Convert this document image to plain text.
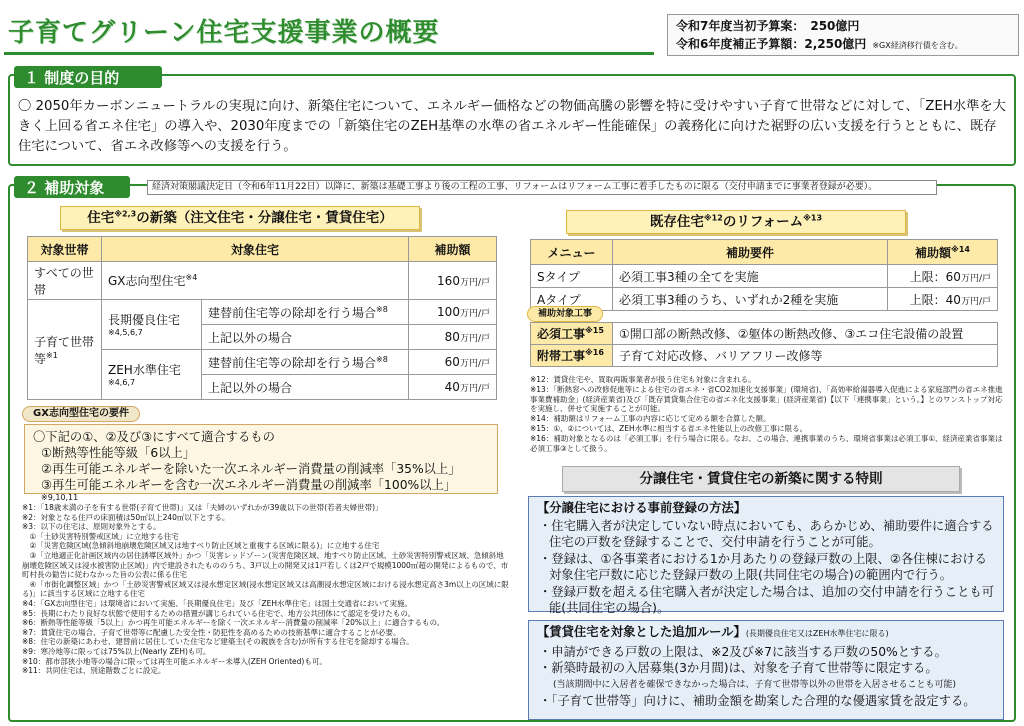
子育てグリーン住宅支援事業の概要	令和7年度当初予算案：　250億円
令和6年度補正予算額：2,250億円 ※GX経済移行債を含む。
１ 制度の目的
〇 2050年カーボンニュートラルの実現に向け、新築住宅について、エネルギー価格などの物価高騰の影響を特に受けやすい子育て世帯などに対して、「ZEH水準を大きく上回る省エネ住宅」の導入や、2030年度までの「新築住宅のZEH基準の水準の省エネルギー性能確保」の義務化に向けた裾野の広い支援を行うとともに、既存住宅について、省エネ改修等への支援を行う。
２ 補助対象	経済対策閣議決定日（令和6年11月22日）以降に、新築は基礎工事より後の工程の工事、リフォームはリフォーム工事に着手したものに限る（交付申請までに事業者登録が必要）。
住宅$^{※2,3}$の新築（注文住宅・分譲住宅・賃貸住宅）
対象世帯	対象住宅		補助額
すべての世帯	GX志向型住宅$^{※4}$		160万円/戸
子育て世帯等$^{※1}$	長期優良住宅
※4,5,6,7	建替前住宅等の除却を行う場合$^{※8}$	100万円/戸
		上記以外の場合	80万円/戸

	ZEH水準住宅
※4,6,7	建替前住宅等の除却を行う場合$^{※8}$	60万円/戸
		上記以外の場合	40万円/戸
GX志向型住宅の要件
〇下記の①、②及び③にすべて適合するもの
①断熱等性能等級「6以上」
②再生可能エネルギーを除いた一次エネルギー消費量の削減率「35%以上」
③再生可能エネルギーを含む一次エネルギー消費量の削減率「100%以上」$^{※9,10,11}$
※1：「18歳未満の子を有する世帯(子育て世帯)」又は「夫婦のいずれかが39歳以下の世帯(若者夫婦世帯)」
※2：対象となる住戸の床面積は50㎡以上240㎡以下とする。
※3：以下の住宅は、原則対象外とする。
　①「土砂災害特別警戒区域」に立地する住宅
　②「災害危険区域(急傾斜地崩壊危険区域又は地すべり防止区域と重複する区域に限る)」に立地する住宅
　③「立地適正化計画区域内の居住誘導区域外」かつ「災害レッドゾーン(災害危険区域、地すべり防止区域、土砂災害特別警戒区域、急傾斜地崩壊危険区域又は浸水被害防止区域)」内で建設されたもののうち、3戸以上の開発又は1戸若しくは2戸で規模1000㎡超の開発によるもので、市町村長の勧告に従わなかった旨の公表に係る住宅
　④「市街化調整区域」かつ「土砂災害警戒区域又は浸水想定区域(浸水想定区域又は高潮浸水想定区域における浸水想定高さ3m以上の区域に限る)」に該当する区域に立地する住宅
※4：「GX志向型住宅」は環境省において実施、「長期優良住宅」及び「ZEH水準住宅」は国土交通省において実施。
※5：長期にわたり良好な状態で使用するための措置が講じられている住宅で、地方公共団体にて認定を受けたもの。
※6：断熱等性能等級「5以上」かつ再生可能エネルギーを除く一次エネルギー消費量の削減率「20%以上」に適合するもの。
※7：賃貸住宅の場合、子育て世帯等に配慮した安全性・防犯性を高めるための技術基準に適合することが必要。
※8：住宅の新築にあわせ、建替前に居住していた住宅など建築主(その親族を含む)が所有する住宅を除却する場合。
※9：寒冷地等に限っては75%以上(Nearly ZEH)も可。
※10：都市部狭小地等の場合に限っては再生可能エネルギー未導入(ZEH Oriented)も可。
※11：共同住宅は、別途階数ごとに設定。
既存住宅$^{※12}$のリフォーム$^{※13}$
メニュー	補助要件	補助額$^{※14}$
Sタイプ	必須工事3種の全てを実施	上限：60万円/戸
Aタイプ	必須工事3種のうち、いずれか2種を実施	上限：40万円/戸
補助対象工事
必須工事$^{※15}$	①開口部の断熱改修、②躯体の断熱改修、③エコ住宅設備の設置
附帯工事$^{※16}$	子育て対応改修、バリアフリー改修等
※12：賃貸住宅や、買取再販事業者が扱う住宅も対象に含まれる。
※13：「断熱窓への改修促進等による住宅の省エネ・省CO2加速化支援事業」(環境省)、「高効率給湯器導入促進による家庭部門の省エネ推進事業費補助金」(経済産業省)及び「既存賃貸集合住宅の省エネ化支援事業」(経済産業省)【以下「連携事業」という。】とのワンストップ対応を実施し、併せて実施することが可能。
※14：補助額はリフォーム工事の内容に応じて定める額を合算した額。
※15：①、②については、ZEH水準に相当する省エネ性能以上の改修工事に限る。
※16：補助対象となるのは「必須工事」を行う場合に限る。なお、この場合、連携事業のうち、環境省事業は必須工事①、経済産業省事業は必須工事③として扱う。
分譲住宅・賃貸住宅の新築に関する特則
【分譲住宅における事前登録の方法】
・住宅購入者が決定していない時点においても、あらかじめ、補助要件に適合する住宅の戸数を登録することで、交付申請を行うことが可能。
・登録は、①各事業者における1か月あたりの登録戸数の上限、②各住棟における対象住宅戸数に応じた登録戸数の上限(共同住宅の場合)の範囲内で行う。
・登録戸数を超える住宅購入者が決定した場合は、追加の交付申請を行うことも可能(共同住宅の場合)。
【賃貸住宅を対象とした追加ルール】(長期優良住宅又はZEH水準住宅に限る)
・申請ができる戸数の上限は、※2及び※7に該当する戸数の50%とする。
・新築時最初の入居募集(3か月間)は、対象を子育て世帯等に限定する。
(当該期間中に入居者を確保できなかった場合は、子育て世帯等以外の世帯を入居させることも可能)
・「子育て世帯等」向けに、補助金額を勘案した合理的な優遇家賃を設定する。
